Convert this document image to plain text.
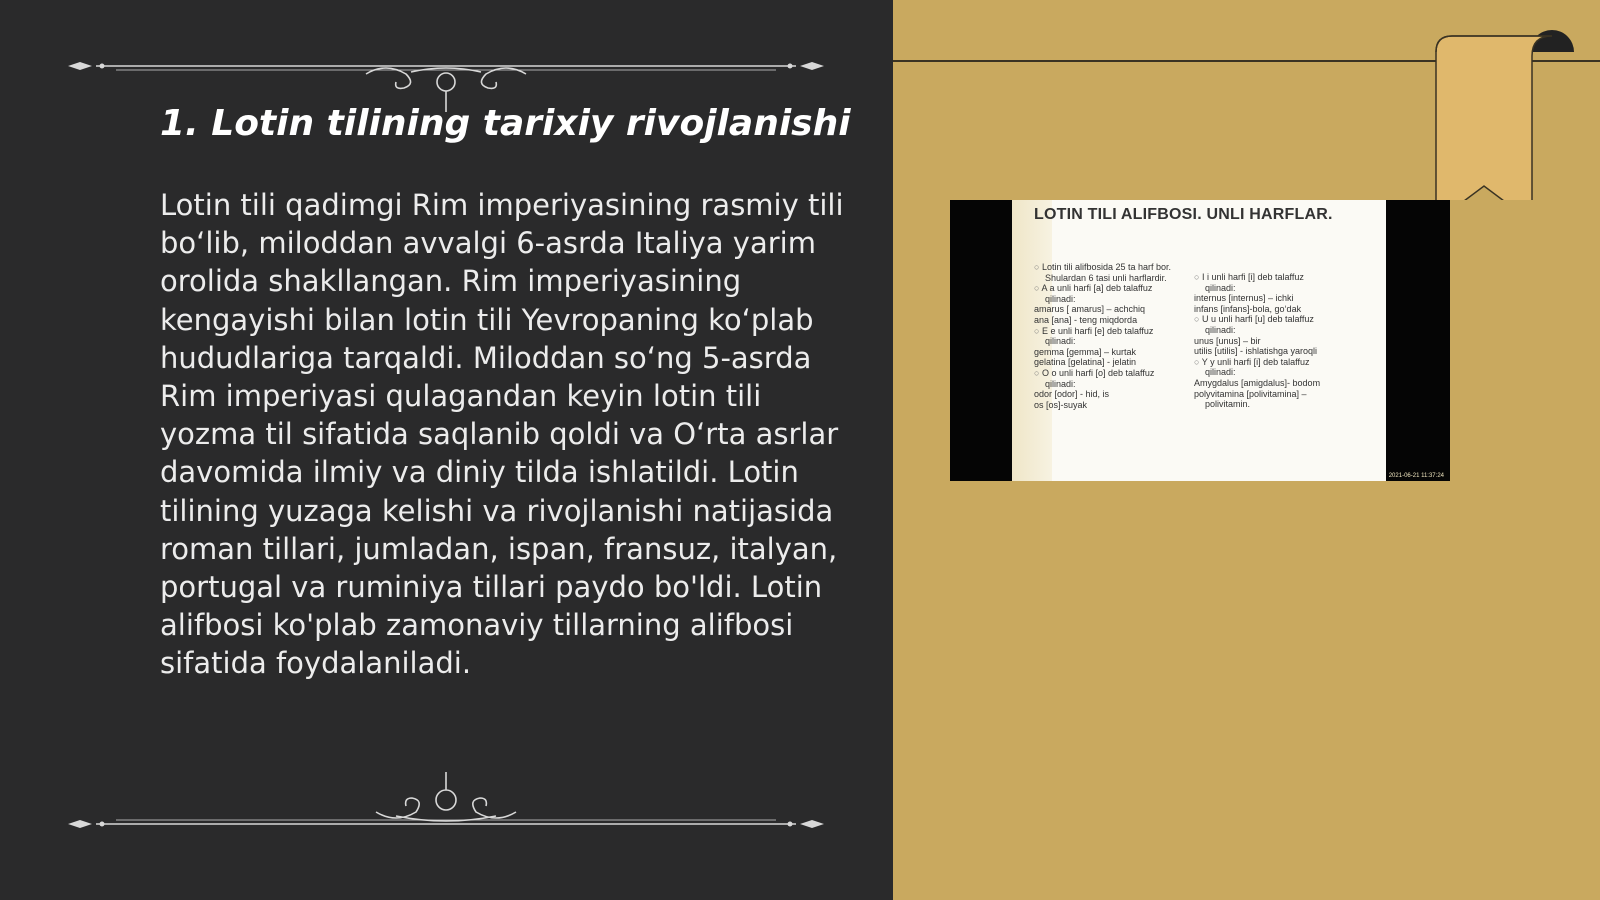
1. Lotin tilining tarixiy rivojlanishi
Lotin tili qadimgi Rim imperiyasining rasmiy tili bo‘lib, miloddan avvalgi 6-asrda Italiya yarim orolida shakllangan. Rim imperiyasining kengayishi bilan lotin tili Yevropaning ko‘plab hududlariga tarqaldi. Miloddan so‘ng 5-asrda Rim imperiyasi qulagandan keyin lotin tili yozma til sifatida saqlanib qoldi va O‘rta asrlar davomida ilmiy va diniy tilda ishlatildi. Lotin tilining yuzaga kelishi va rivojlanishi natijasida roman tillari, jumladan, ispan, fransuz, italyan, portugal va ruminiya tillari paydo bo'ldi. Lotin alifbosi ko'plab zamonaviy tillarning alifbosi sifatida foydalaniladi.
LOTIN TILI ALIFBOSI. UNLI HARFLAR.
○ Lotin tili alifbosida 25 ta harf bor.
Shulardan 6 tasi unli harflardir.
○ A a unli harfi [a] deb talaffuz
qilinadi:
amarus [ amarus] – achchiq
ana [ana] - teng miqdorda
○ E e unli harfi [e] deb talaffuz
qilinadi:
gemma [gemma] – kurtak
gelatina [gelatina] - jelatin
○ O o unli harfi [o] deb talaffuz
qilinadi:
odor [odor] - hid, is
os [os]-suyak
○ I i unli harfi [i] deb talaffuz
qilinadi:
internus [internus] – ichki
infans [infans]-bola, go‘dak
○ U u unli harfi [u] deb talaffuz
qilinadi:
unus [unus] – bir
utilis [utilis] - ishlatishga yaroqli
○ Y y unli harfi [i] deb talaffuz
qilinadi:
Amygdalus [amigdalus]- bodom
polyvitamina [polivitamina] –
polivitamin.
2021-06-21 11:37:24
